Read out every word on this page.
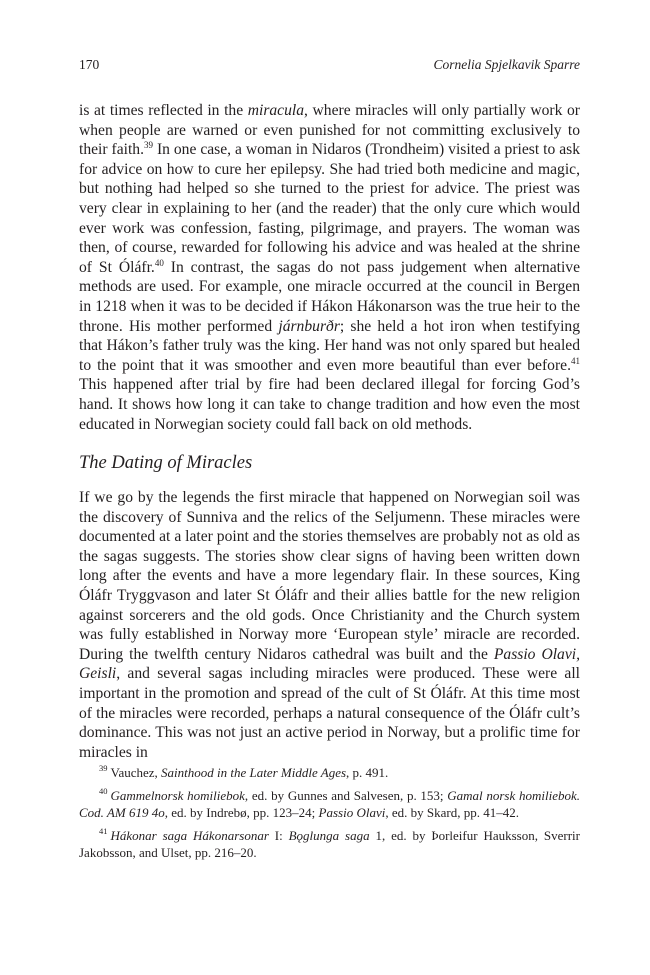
170	Cornelia Spjelkavik Sparre

is at times reflected in the miracula, where miracles will only partially work or when people are warned or even punished for not committing exclusively to their faith.$^{39}$ In one case, a woman in Nidaros (Trondheim) visited a priest to ask for advice on how to cure her epilepsy. She had tried both medicine and magic, but nothing had helped so she turned to the priest for advice. The priest was very clear in explaining to her (and the reader) that the only cure which would ever work was confession, fasting, pilgrimage, and prayers. The woman was then, of course, rewarded for following his advice and was healed at the shrine of St Óláfr.$^{40}$ In contrast, the sagas do not pass judgement when alternative methods are used. For example, one miracle occurred at the council in Bergen in 1218 when it was to be decided if Hákon Hákonarson was the true heir to the throne. His mother performed járnburðr; she held a hot iron when testifying that Hákon’s father truly was the king. Her hand was not only spared but healed to the point that it was smoother and even more beautiful than ever before.$^{41}$ This happened after trial by fire had been declared illegal for forcing God’s hand. It shows how long it can take to change tradition and how even the most educated in Norwegian society could fall back on old methods.

The Dating of Miracles

If we go by the legends the first miracle that happened on Norwegian soil was the discovery of Sunniva and the relics of the Seljumenn. These miracles were documented at a later point and the stories themselves are probably not as old as the sagas suggests. The stories show clear signs of having been written down long after the events and have a more legendary flair. In these sources, King Óláfr Tryggvason and later St Óláfr and their allies battle for the new religion against sorcerers and the old gods. Once Christianity and the Church system was fully established in Norway more ‘European style’ miracle are recorded. During the twelfth century Nidaros cathedral was built and the Passio Olavi, Geisli, and several sagas including miracles were produced. These were all important in the promotion and spread of the cult of St Óláfr. At this time most of the miracles were recorded, perhaps a natural consequence of the Óláfr cult’s dominance. This was not just an active period in Norway, but a prolific time for miracles in

$^{39}$ Vauchez, Sainthood in the Later Middle Ages, p. 491.

$^{40}$ Gammelnorsk homiliebok, ed. by Gunnes and Salvesen, p. 153; Gamal norsk homiliebok. Cod. AM 619 4o, ed. by Indrebø, pp. 123–24; Passio Olavi, ed. by Skard, pp. 41–42.

$^{41}$ Hákonar saga Hákonarsonar I: Bǫglunga saga 1, ed. by Þorleifur Hauksson, Sverrir Jakobsson, and Ulset, pp. 216–20.
